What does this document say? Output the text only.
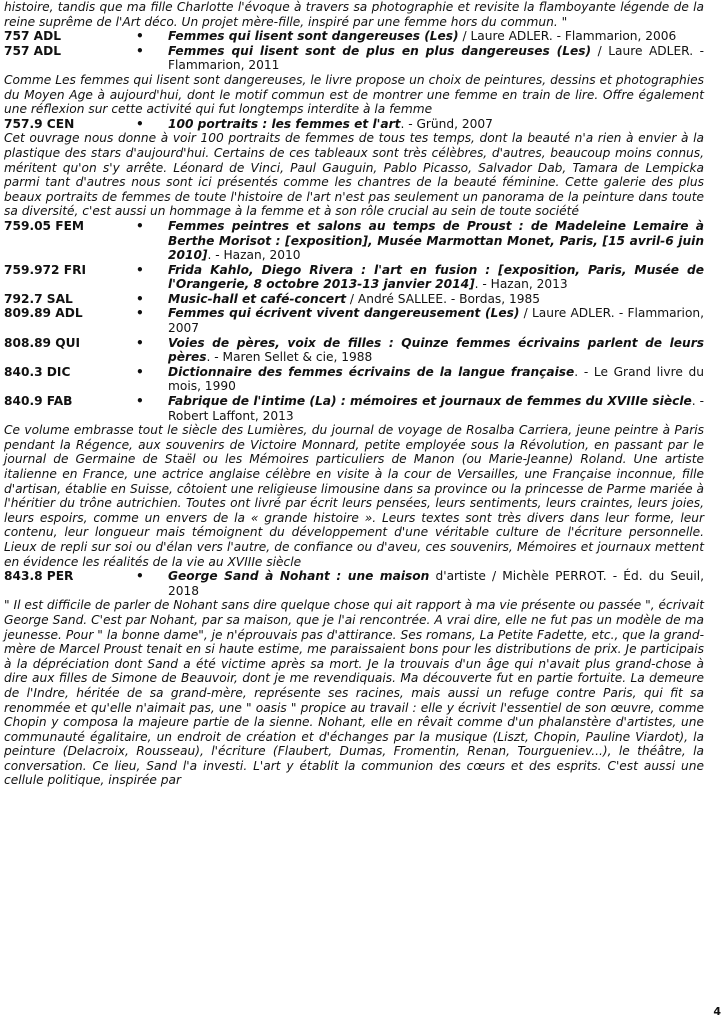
histoire, tandis que ma fille Charlotte l'évoque à travers sa photographie et revisite la flamboyante légende de la reine suprême de l'Art déco. Un projet mère-fille, inspiré par une femme hors du commun. "

757 ADL	•	Femmes qui lisent sont dangereuses (Les) / Laure ADLER. - Flammarion, 2006
757 ADL	•	Femmes qui lisent sont de plus en plus dangereuses (Les) / Laure ADLER. - Flammarion, 2011

Comme Les femmes qui lisent sont dangereuses, le livre propose un choix de peintures, dessins et photographies du Moyen Age à aujourd'hui, dont le motif commun est de montrer une femme en train de lire. Offre également une réflexion sur cette activité qui fut longtemps interdite à la femme

757.9 CEN	•	100 portraits : les femmes et l'art. - Gründ, 2007

Cet ouvrage nous donne à voir 100 portraits de femmes de tous tes temps, dont la beauté n'a rien à envier à la plastique des stars d'aujourd'hui. Certains de ces tableaux sont très célèbres, d'autres, beaucoup moins connus, méritent qu'on s'y arrête. Léonard de Vinci, Paul Gauguin, Pablo Picasso, Salvador Dab, Tamara de Lempicka parmi tant d'autres nous sont ici présentés comme les chantres de la beauté féminine. Cette galerie des plus beaux portraits de femmes de toute l'histoire de l'art n'est pas seulement un panorama de la peinture dans toute sa diversité, c'est aussi un hommage à la femme et à son rôle crucial au sein de toute société

759.05 FEM	•	Femmes peintres et salons au temps de Proust : de Madeleine Lemaire à Berthe Morisot : [exposition], Musée Marmottan Monet, Paris, [15 avril-6 juin 2010]. - Hazan, 2010
759.972 FRI	•	Frida Kahlo, Diego Rivera : l'art en fusion : [exposition, Paris, Musée de l'Orangerie, 8 octobre 2013-13 janvier 2014]. - Hazan, 2013
792.7 SAL	•	Music-hall et café-concert / André SALLEE. - Bordas, 1985
809.89 ADL	•	Femmes qui écrivent vivent dangereusement (Les) / Laure ADLER. - Flammarion, 2007
808.89 QUI	•	Voies de pères, voix de filles : Quinze femmes écrivains parlent de leurs pères. - Maren Sellet & cie, 1988
840.3 DIC	•	Dictionnaire des femmes écrivains de la langue française. - Le Grand livre du mois, 1990
840.9 FAB	•	Fabrique de l'intime (La) : mémoires et journaux de femmes du XVIIIe siècle. - Robert Laffont, 2013

Ce volume embrasse tout le siècle des Lumières, du journal de voyage de Rosalba Carriera, jeune peintre à Paris pendant la Régence, aux souvenirs de Victoire Monnard, petite employée sous la Révolution, en passant par le journal de Germaine de Staël ou les Mémoires particuliers de Manon (ou Marie-Jeanne) Roland. Une artiste italienne en France, une actrice anglaise célèbre en visite à la cour de Versailles, une Française inconnue, fille d'artisan, établie en Suisse, côtoient une religieuse limousine dans sa province ou la princesse de Parme mariée à l'héritier du trône autrichien. Toutes ont livré par écrit leurs pensées, leurs sentiments, leurs craintes, leurs joies, leurs espoirs, comme un envers de la « grande histoire ». Leurs textes sont très divers dans leur forme, leur contenu, leur longueur mais témoignent du développement d'une véritable culture de l'écriture personnelle. Lieux de repli sur soi ou d'élan vers l'autre, de confiance ou d'aveu, ces souvenirs, Mémoires et journaux mettent en évidence les réalités de la vie au XVIIIe siècle

843.8 PER	•	George Sand à Nohant : une maison d'artiste / Michèle PERROT. - Éd. du Seuil, 2018

" Il est difficile de parler de Nohant sans dire quelque chose qui ait rapport à ma vie présente ou passée ", écrivait George Sand. C'est par Nohant, par sa maison, que je l'ai rencontrée. A vrai dire, elle ne fut pas un modèle de ma jeunesse. Pour " la bonne dame", je n'éprouvais pas d'attirance. Ses romans, La Petite Fadette, etc., que la grand-mère de Marcel Proust tenait en si haute estime, me paraissaient bons pour les distributions de prix. Je participais à la dépréciation dont Sand a été victime après sa mort. Je la trouvais d'un âge qui n'avait plus grand-chose à dire aux filles de Simone de Beauvoir, dont je me revendiquais. Ma découverte fut en partie fortuite. La demeure de l'Indre, héritée de sa grand-mère, représente ses racines, mais aussi un refuge contre Paris, qui fit sa renommée et qu'elle n'aimait pas, une " oasis " propice au travail : elle y écrivit l'essentiel de son œuvre, comme Chopin y composa la majeure partie de la sienne. Nohant, elle en rêvait comme d'un phalanstère d'artistes, une communauté égalitaire, un endroit de création et d'échanges par la musique (Liszt, Chopin, Pauline Viardot), la peinture (Delacroix, Rousseau), l'écriture (Flaubert, Dumas, Fromentin, Renan, Tourgueniev...), le théâtre, la conversation. Ce lieu, Sand l'a investi. L'art y établit la communion des cœurs et des esprits. C'est aussi une cellule politique, inspirée par

4
